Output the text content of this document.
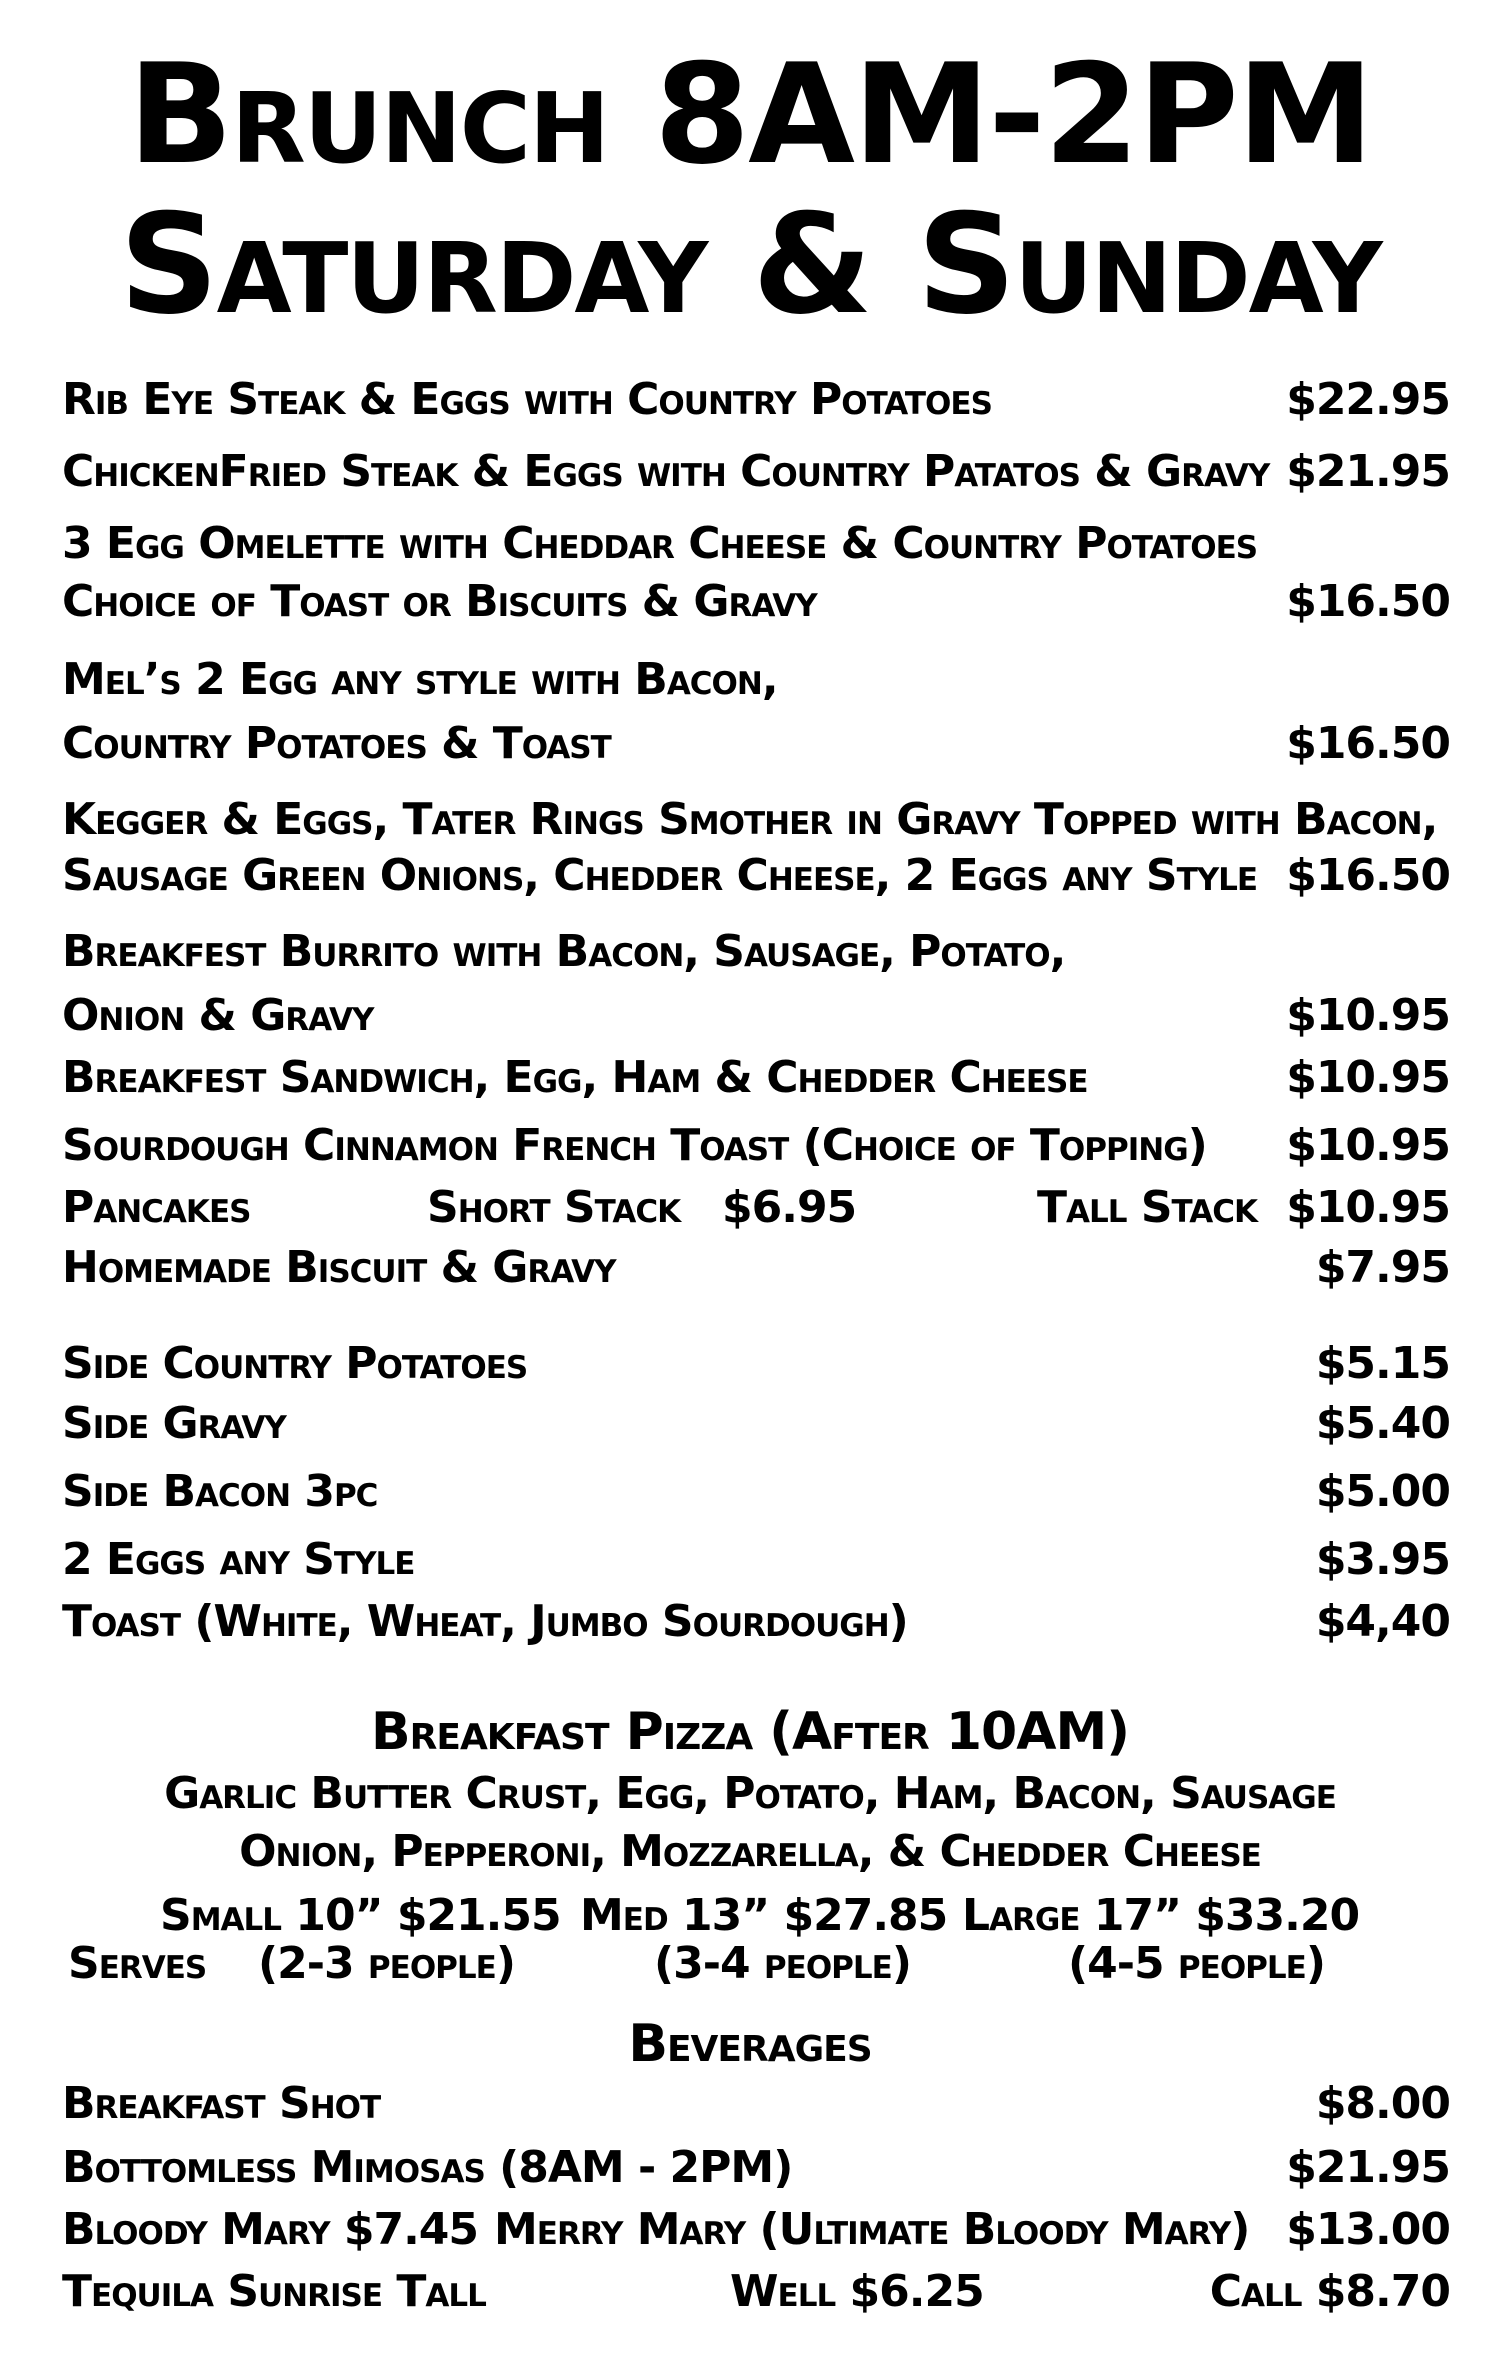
Brunch 8AM-2PM
Saturday & Sunday
Rib Eye Steak & Eggs with Country Potatoes	$22.95
ChickenFried Steak & Eggs with Country Patatos & Gravy $21.95
3 Egg Omelette with Cheddar Cheese & Country Potatoes
Choice of Toast or Biscuits & Gravy	$16.50
Mel’s 2 Egg any style with Bacon,
Country Potatoes & Toast	$16.50
Kegger & Eggs, Tater Rings Smother in Gravy Topped with Bacon,
Sausage Green Onions, Chedder Cheese, 2 Eggs any Style $16.50
Breakfest Burrito with Bacon, Sausage, Potato,
Onion & Gravy	$10.95
Breakfest Sandwich, Egg, Ham & Chedder Cheese	$10.95
Sourdough Cinnamon French Toast (Choice of Topping) $10.95
Pancakes	Short Stack $6.95	Tall Stack $10.95
Homemade Biscuit & Gravy	$7.95
Side Country Potatoes	$5.15
Side Gravy	$5.40
Side Bacon 3pc	$5.00
2 Eggs any Style	$3.95
Toast (White, Wheat, Jumbo Sourdough)	$4,40
Breakfast Pizza (After 10AM)
Garlic Butter Crust, Egg, Potato, Ham, Bacon, Sausage
Onion, Pepperoni, Mozzarella, & Chedder Cheese
Small 10” $21.55 Med 13” $27.85 Large 17” $33.20
Serves (2-3 people)	(3-4 people)	(4-5 people)
Beverages
Breakfast Shot	$8.00
Bottomless Mimosas (8AM - 2PM)	$21.95
Bloody Mary $7.45 Merry Mary (Ultimate Bloody Mary) $13.00
Tequila Sunrise Tall	Well $6.25	Call $8.70
